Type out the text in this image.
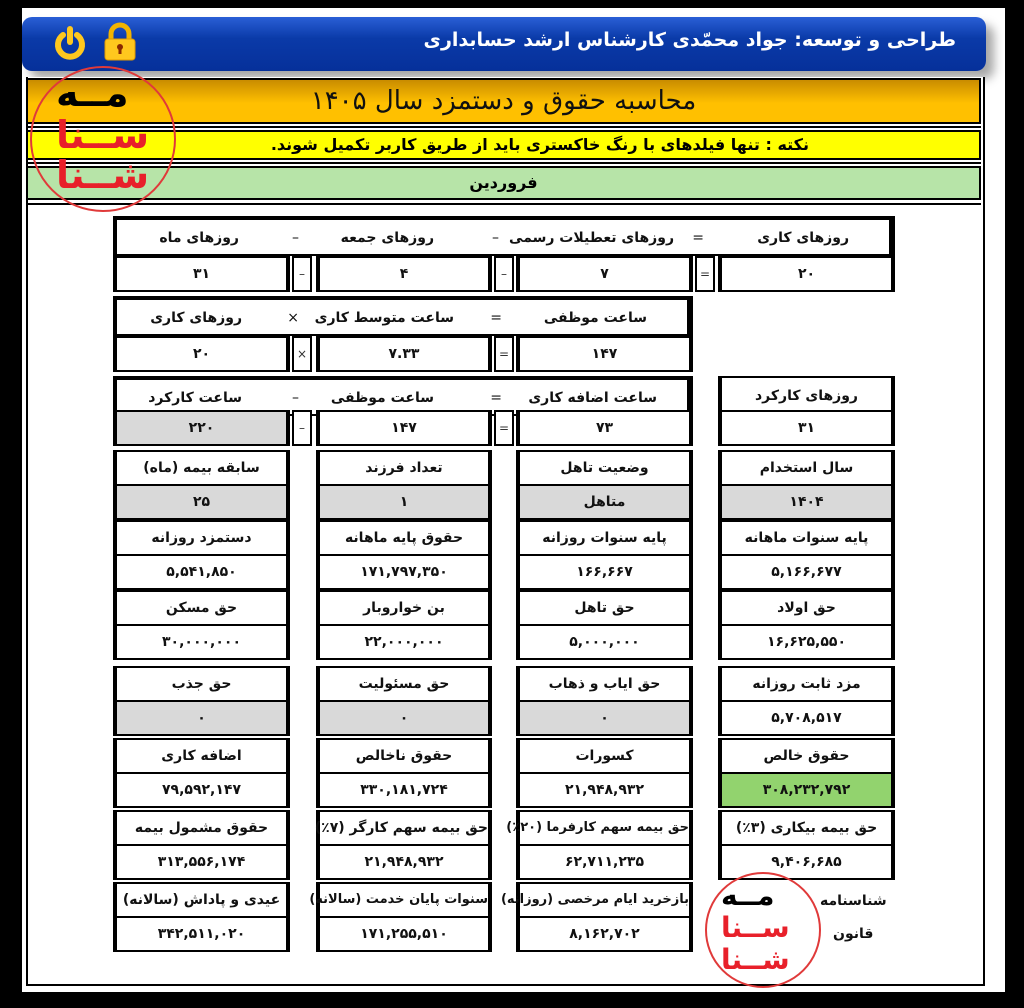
طراحی و توسعه: جواد محمّدی کارشناس ارشد حسابداری
محاسبه حقوق و دستمزد سال ۱۴۰۵
نکته : تنها فیلدهای با رنگ خاکستری باید از طریق کاربر تکمیل شوند.
فروردین
روزهای کاری
=
روزهای تعطیلات رسمی
–
روزهای جمعه
–
روزهای ماه
۲۰
=
۷
–
۴
–
۳۱
ساعت موظفی
=
ساعت متوسط کاری
×
روزهای کاری
۱۴۷
=
۷.۳۳
×
۲۰
روزهای کارکرد
۳۱
ساعت اضافه کاری
=
ساعت موظفی
–
ساعت کارکرد
۷۳
=
۱۴۷
–
۲۲۰
سال استخدام
۱۴۰۴
وضعیت تاهل
متاهل
تعداد فرزند
۱
سابقه بیمه (ماه)
۲۵
پایه سنوات ماهانه
۵,۱۶۶,۶۷۷
پایه سنوات روزانه
۱۶۶,۶۶۷
حقوق پایه ماهانه
۱۷۱,۷۹۷,۳۵۰
دستمزد روزانه
۵,۵۴۱,۸۵۰
حق اولاد
۱۶,۶۲۵,۵۵۰
حق تاهل
۵,۰۰۰,۰۰۰
بن خواروبار
۲۲,۰۰۰,۰۰۰
حق مسکن
۳۰,۰۰۰,۰۰۰
مزد ثابت روزانه
۵,۷۰۸,۵۱۷
حق ایاب و ذهاب
۰
حق مسئولیت
۰
حق جذب
۰
حقوق خالص
۳۰۸,۲۳۲,۷۹۲
کسورات
۲۱,۹۴۸,۹۳۲
حقوق ناخالص
۳۳۰,۱۸۱,۷۲۴
اضافه کاری
۷۹,۵۹۲,۱۴۷
حق بیمه بیکاری (۳٪)
۹,۴۰۶,۶۸۵
حق بیمه سهم کارفرما (۲۰٪)
۶۲,۷۱۱,۲۳۵
حق بیمه سهم کارگر (۷٪)
۲۱,۹۴۸,۹۳۲
حقوق مشمول بیمه
۳۱۳,۵۵۶,۱۷۴
بازخرید ایام مرخصی (روزانه)
۸,۱۶۲,۷۰۲
سنوات پایان خدمت (سالانه)
۱۷۱,۲۵۵,۵۱۰
عیدی و پاداش (سالانه)
۳۴۲,۵۱۱,۰۲۰
مــه
ســنا
شــنا
مــه
ســنا
شــنا
شناسنامه
قانون
